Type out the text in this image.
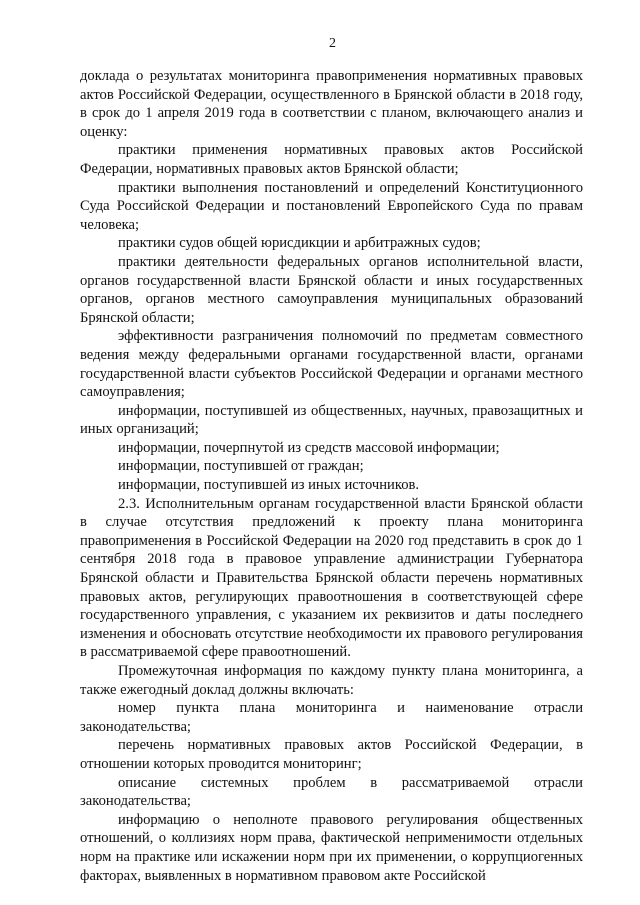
2

доклада о результатах мониторинга правоприменения нормативных правовых актов Российской Федерации, осуществленного в Брянской области в 2018 году, в срок до 1 апреля 2019 года в соответствии с планом, включающего анализ и оценку:

практики применения нормативных правовых актов Российской Федерации, нормативных правовых актов Брянской области;

практики выполнения постановлений и определений Конституционного Суда Российской Федерации и постановлений Европейского Суда по правам человека;

практики судов общей юрисдикции и арбитражных судов;

практики деятельности федеральных органов исполнительной власти, органов государственной власти Брянской области и иных государственных органов, органов местного самоуправления муниципальных образований Брянской области;

эффективности разграничения полномочий по предметам совместного ведения между федеральными органами государственной власти, органами государственной власти субъектов Российской Федерации и органами местного самоуправления;

информации, поступившей из общественных, научных, правозащитных и иных организаций;

информации, почерпнутой из средств массовой информации;

информации, поступившей от граждан;

информации, поступившей из иных источников.

2.3. Исполнительным органам государственной власти Брянской области в случае отсутствия предложений к проекту плана мониторинга правоприменения в Российской Федерации на 2020 год представить в срок до 1 сентября 2018 года в правовое управление администрации Губернатора Брянской области и Правительства Брянской области перечень нормативных правовых актов, регулирующих правоотношения в соответствующей сфере государственного управления, с указанием их реквизитов и даты последнего изменения и обосновать отсутствие необходимости их правового регулирования в рассматриваемой сфере правоотношений.

Промежуточная информация по каждому пункту плана мониторинга, а также ежегодный доклад должны включать:

номер пункта плана мониторинга и наименование отрасли законодательства;

перечень нормативных правовых актов Российской Федерации, в отношении которых проводится мониторинг;

описание системных проблем в рассматриваемой отрасли законодательства;

информацию о неполноте правового регулирования общественных отношений, о коллизиях норм права, фактической неприменимости отдельных норм на практике или искажении норм при их применении, о коррупциогенных факторах, выявленных в нормативном правовом акте Российской
